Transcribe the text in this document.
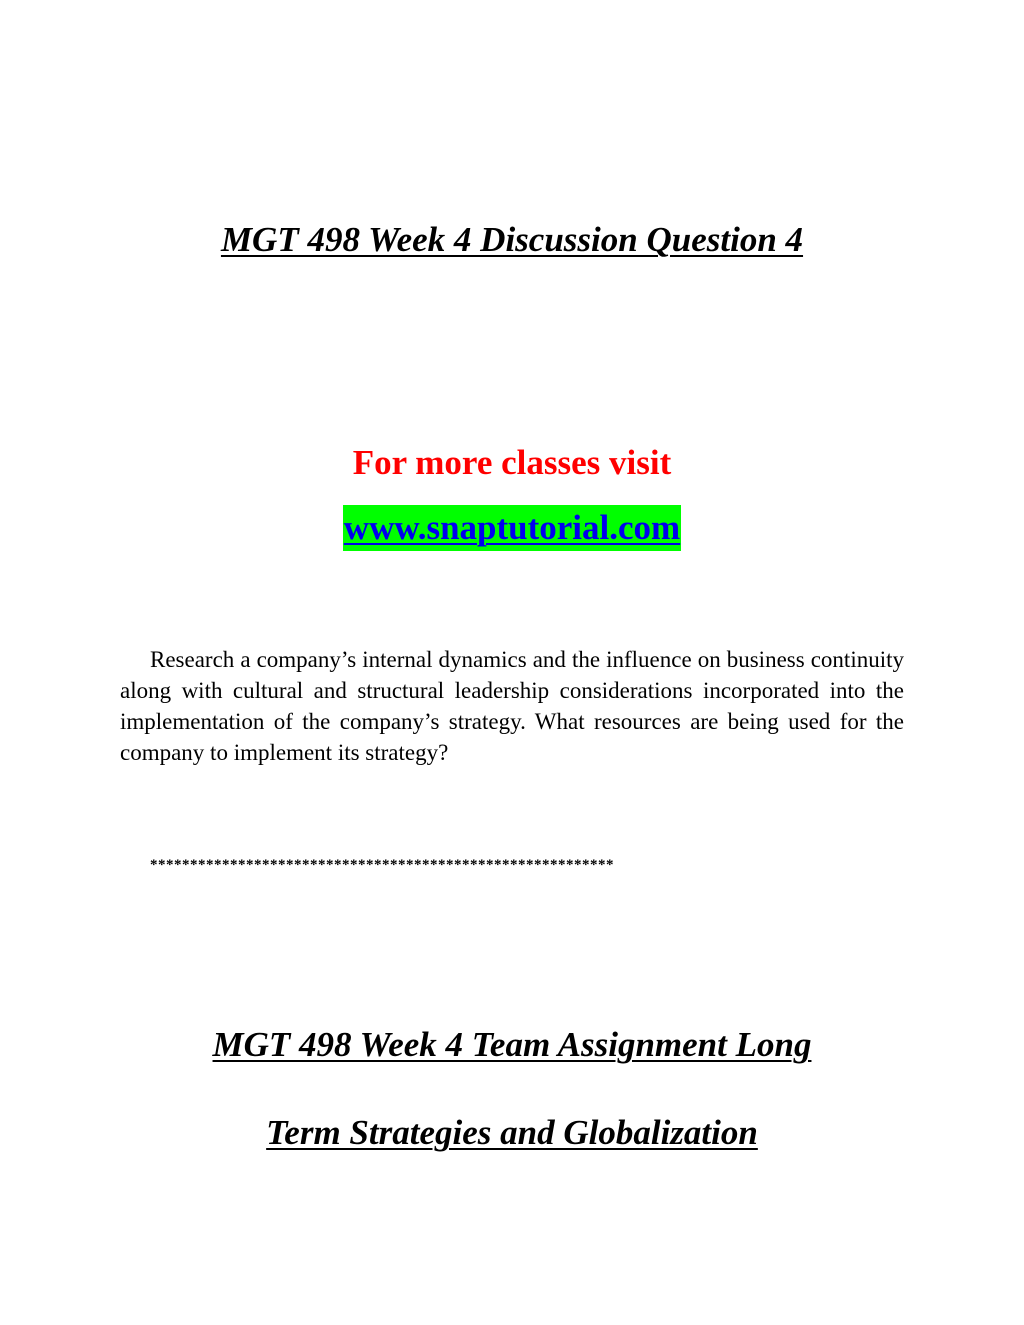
MGT 498 Week 4 Discussion Question 4

For more classes visit

www.snaptutorial.com

Research a company’s internal dynamics and the influence on business continuity along with cultural and structural leadership considerations incorporated into the implementation of the company’s strategy. What resources are being used for the company to implement its strategy?

**********************************************************

MGT 498 Week 4 Team Assignment Long
Term Strategies and Globalization
